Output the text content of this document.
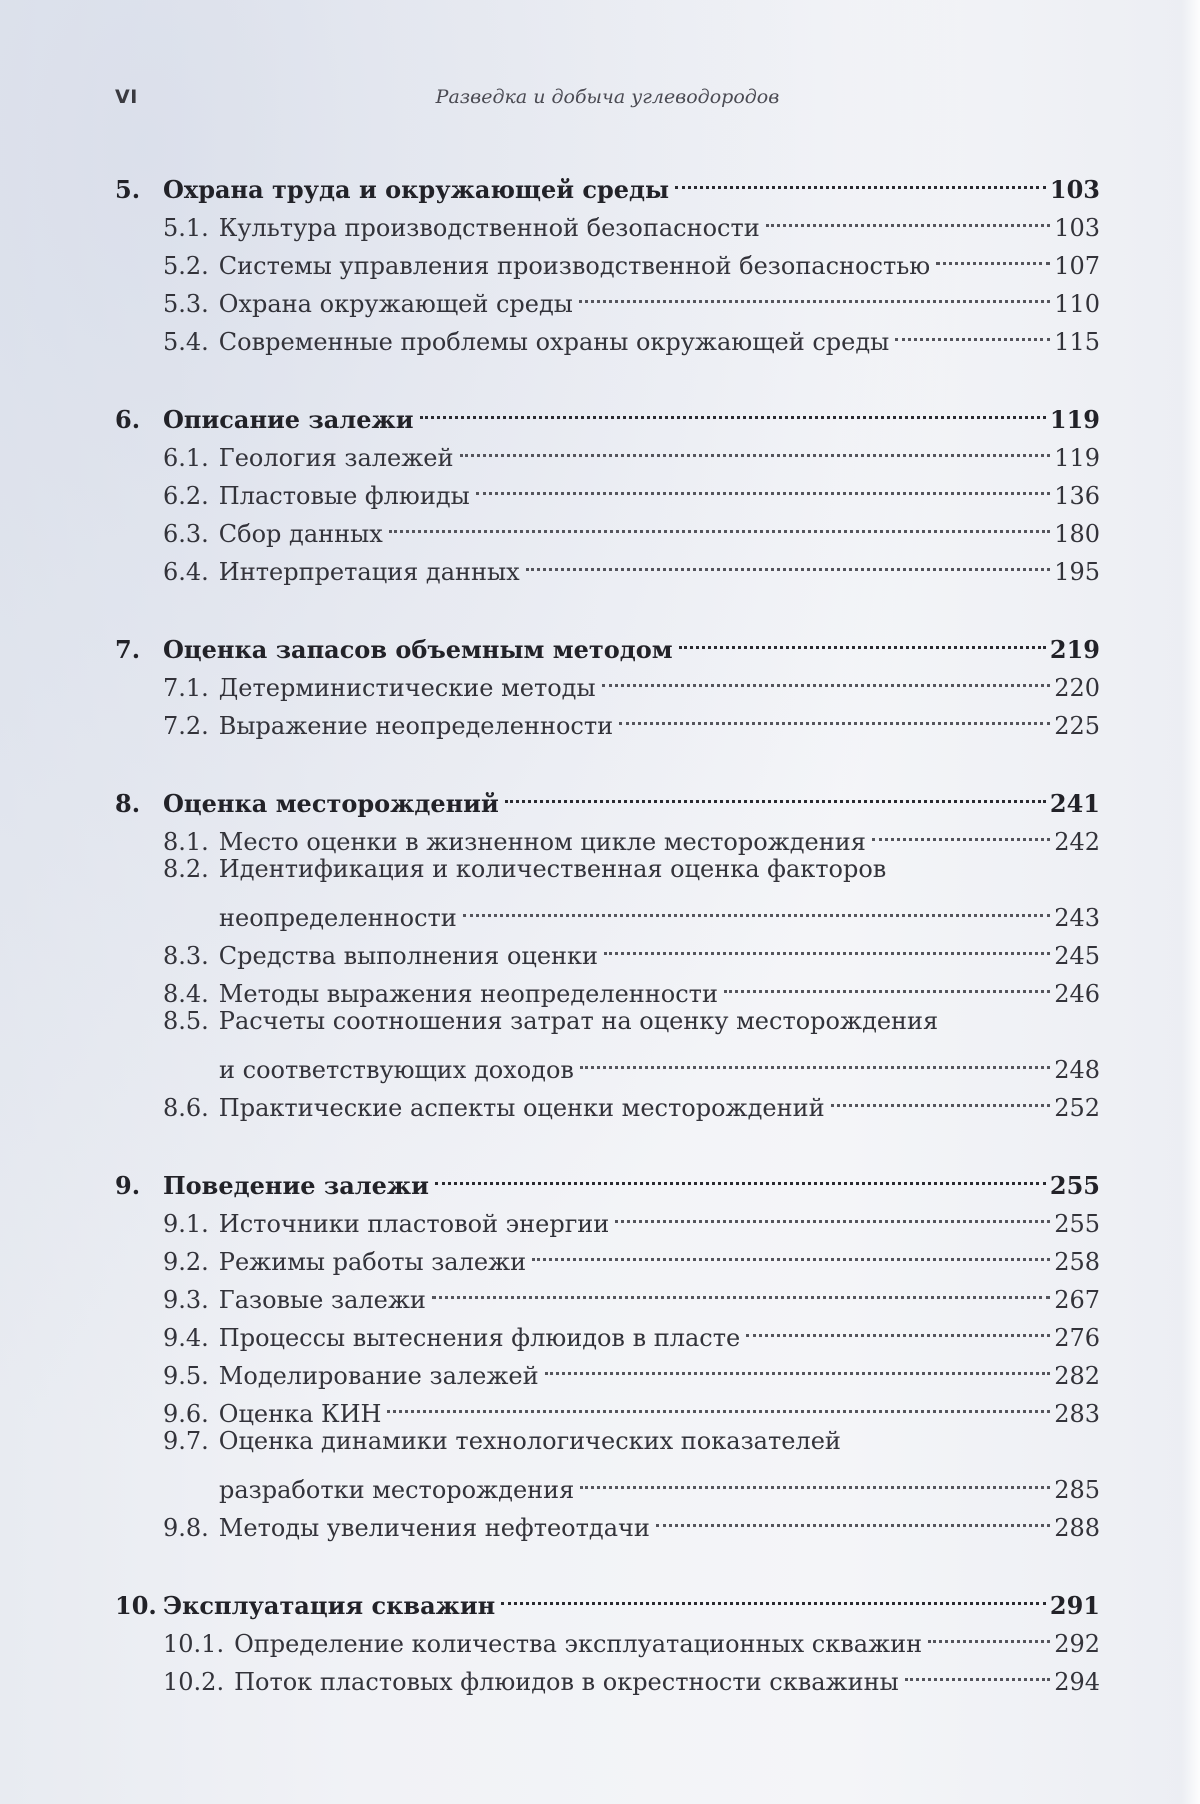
VI	Разведка и добыча углеводородов
5. Охрана труда и окружающей среды	103
5.1. Культура производственной безопасности	103
5.2. Системы управления производственной безопасностью	107
5.3. Охрана окружающей среды	110
5.4. Современные проблемы охраны окружающей среды	115
6. Описание залежи	119
6.1. Геология залежей	119
6.2. Пластовые флюиды	136
6.3. Сбор данных	180
6.4. Интерпретация данных	195
7. Оценка запасов объемным методом	219
7.1. Детерминистические методы	220
7.2. Выражение неопределенности	225
8. Оценка месторождений	241
8.1. Место оценки в жизненном цикле месторождения	242
8.2. Идентификация и количественная оценка факторов
неопределенности	243
8.3. Средства выполнения оценки	245
8.4. Методы выражения неопределенности	246
8.5. Расчеты соотношения затрат на оценку месторождения
и соответствующих доходов	248
8.6. Практические аспекты оценки месторождений	252
9. Поведение залежи	255
9.1. Источники пластовой энергии	255
9.2. Режимы работы залежи	258
9.3. Газовые залежи	267
9.4. Процессы вытеснения флюидов в пласте	276
9.5. Моделирование залежей	282
9.6. Оценка КИН	283
9.7. Оценка динамики технологических показателей
разработки месторождения	285
9.8. Методы увеличения нефтеотдачи	288
10. Эксплуатация скважин	291
10.1. Определение количества эксплуатационных скважин	292
10.2. Поток пластовых флюидов в окрестности скважины	294
